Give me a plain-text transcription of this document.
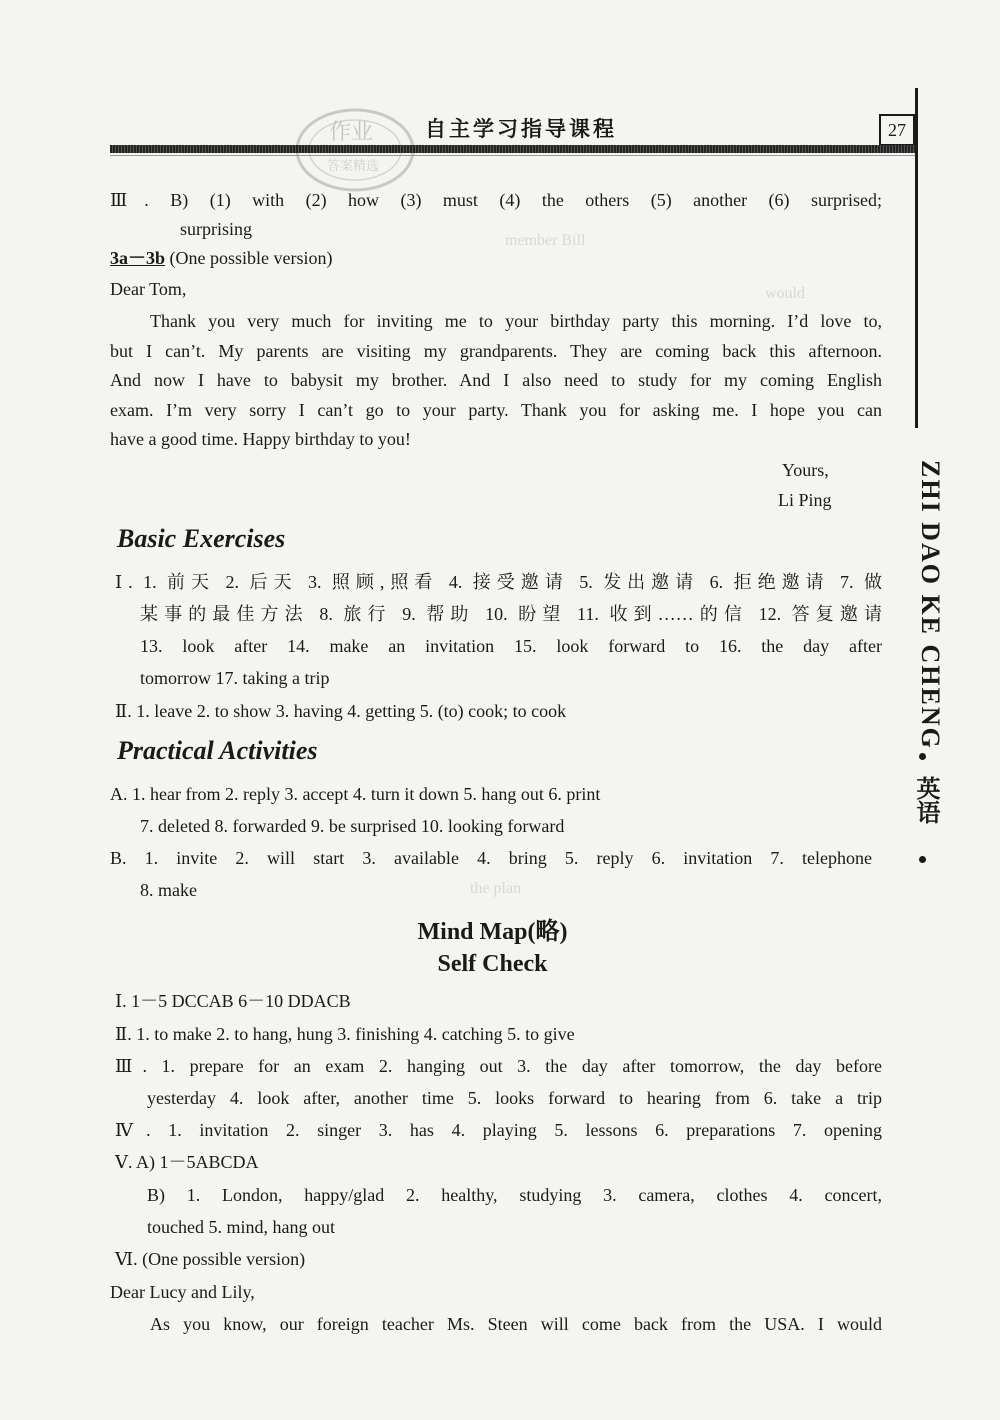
作业
答案精选
自主学习指导课程	27
member Bill
would
the plan
ZHI DAO KE CHENG
英语
Ⅲ. B) (1) with (2) how (3) must (4) the others (5) another (6) surprised;
surprising
3a－3b (One possible version)
Dear Tom,
Thank you very much for inviting me to your birthday party this morning. I’d love to,
but I can’t. My parents are visiting my grandparents. They are coming back this afternoon.
And now I have to babysit my brother. And I also need to study for my coming English
exam. I’m very sorry I can’t go to your party. Thank you for asking me. I hope you can
have a good time. Happy birthday to you!
Yours,
Li Ping
Basic Exercises
Ⅰ. 1. 前天 2. 后天 3. 照顾,照看 4. 接受邀请 5. 发出邀请 6. 拒绝邀请 7. 做
某事的最佳方法 8. 旅行 9. 帮助 10. 盼望 11. 收到……的信 12. 答复邀请
13. look after 14. make an invitation 15. look forward to 16. the day after
tomorrow 17. taking a trip
Ⅱ. 1. leave 2. to show 3. having 4. getting 5. (to) cook; to cook
Practical Activities
A. 1. hear from 2. reply 3. accept 4. turn it down 5. hang out 6. print
7. deleted 8. forwarded 9. be surprised 10. looking forward
B. 1. invite 2. will start 3. available 4. bring 5. reply 6. invitation 7. telephone
8. make
Mind Map(略)
Self Check
Ⅰ. 1－5 DCCAB 6－10 DDACB
Ⅱ. 1. to make 2. to hang, hung 3. finishing 4. catching 5. to give
Ⅲ. 1. prepare for an exam 2. hanging out 3. the day after tomorrow, the day before
yesterday 4. look after, another time 5. looks forward to hearing from 6. take a trip
Ⅳ. 1. invitation 2. singer 3. has 4. playing 5. lessons 6. preparations 7. opening
Ⅴ. A) 1－5ABCDA
B) 1. London, happy/glad 2. healthy, studying 3. camera, clothes 4. concert,
touched 5. mind, hang out
Ⅵ. (One possible version)
Dear Lucy and Lily,
As you know, our foreign teacher Ms. Steen will come back from the USA. I would
